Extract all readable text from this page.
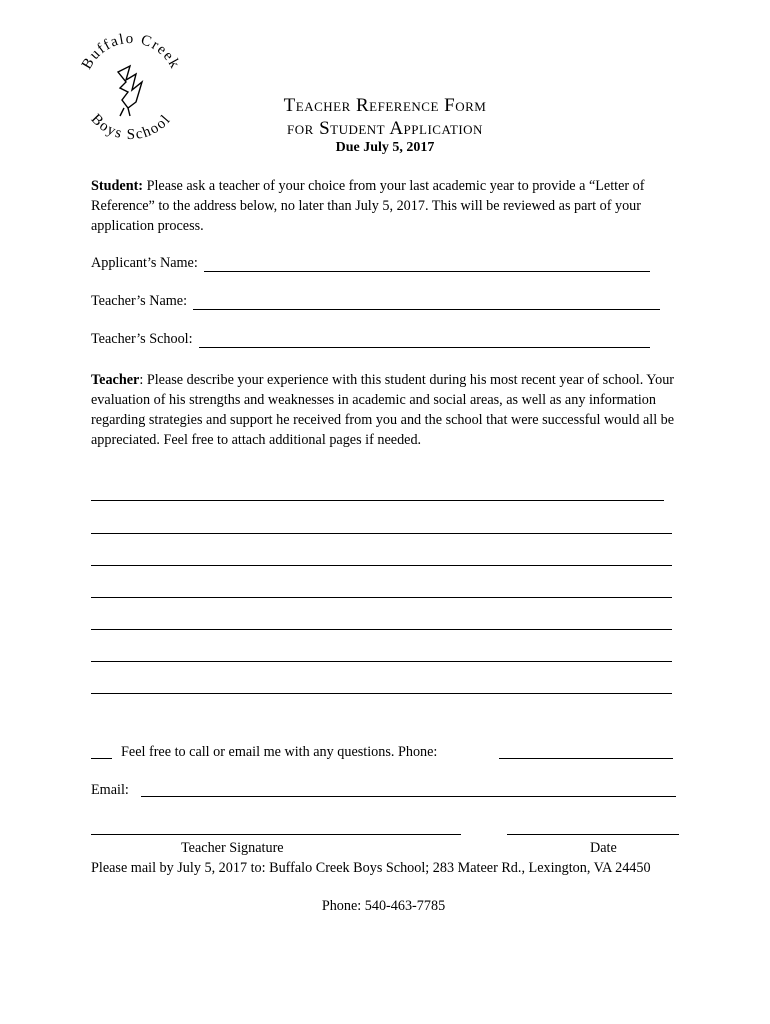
Buffalo Creek
Boys School
Teacher Reference Form
for Student Application
Due July 5, 2017
Student: Please ask a teacher of your choice from your last academic year to provide a “Letter of Reference” to the address below, no later than July 5, 2017. This will be reviewed as part of your application process.
Applicant’s Name:
Teacher’s Name:
Teacher’s School:
Teacher: Please describe your experience with this student during his most recent year of school. Your evaluation of his strengths and weaknesses in academic and social areas, as well as any information regarding strategies and support he received from you and the school that were successful would all be appreciated. Feel free to attach additional pages if needed.
Feel free to call or email me with any questions. Phone:
Email:
Teacher Signature	Date
Please mail by July 5, 2017 to: Buffalo Creek Boys School; 283 Mateer Rd., Lexington, VA 24450
Phone: 540-463-7785
